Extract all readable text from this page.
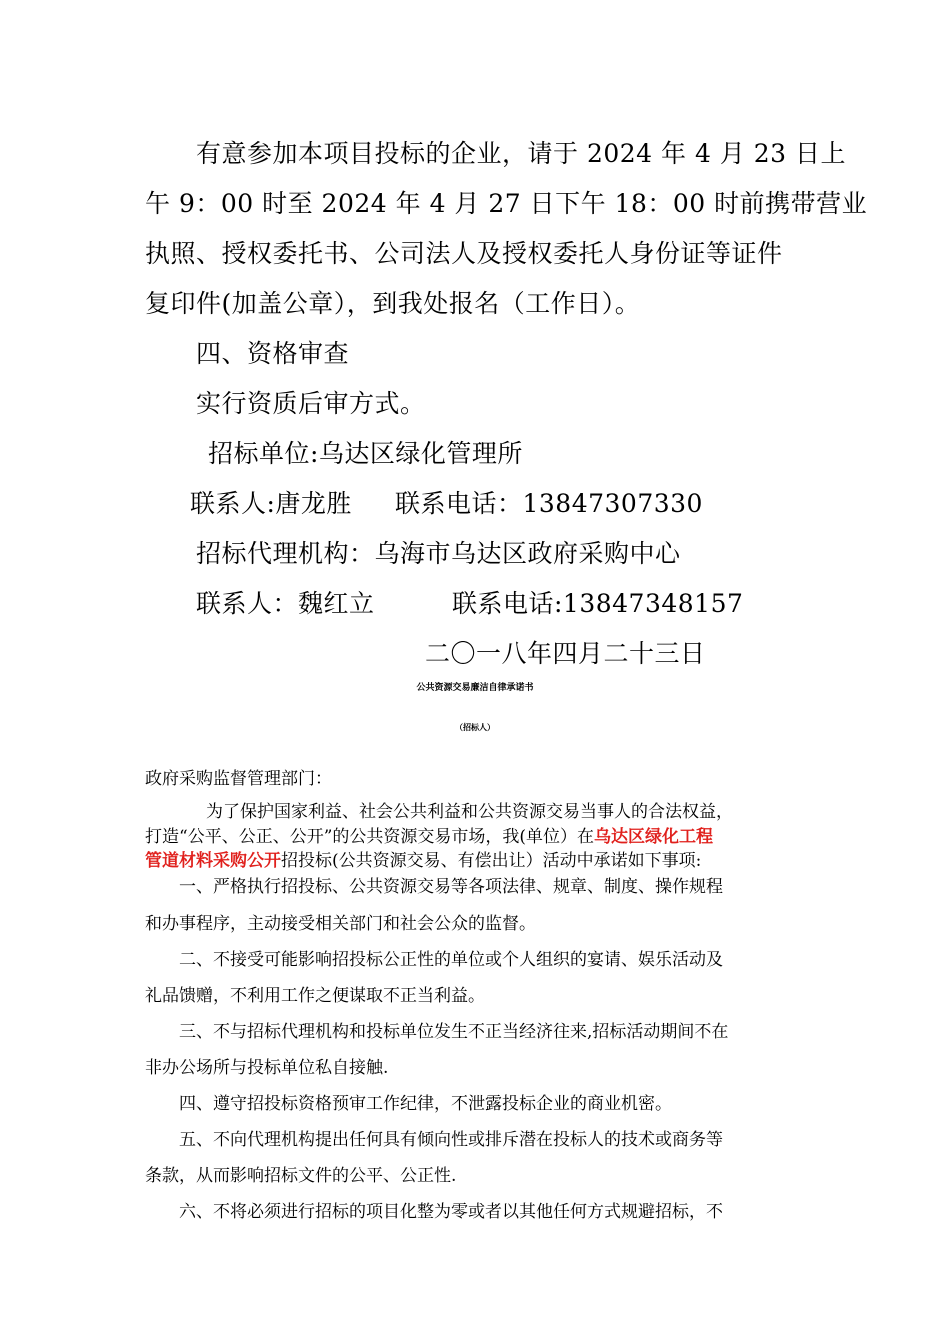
有意参加本项目投标的企业，请于 2024 年 4 月 23 日上
午 9：00 时至 2024 年 4 月 27 日下午 18：00 时前携带营业
执照、授权委托书、公司法人及授权委托人身份证等证件
复印件(加盖公章），到我处报名（工作日）。
四、资格审查
实行资质后审方式。
招标单位:乌达区绿化管理所
联系人:唐龙胜 联系电话：13847307330
招标代理机构：乌海市乌达区政府采购中心
联系人：魏红立	联系电话:13847348157
二〇一八年四月二十三日
公共资源交易廉洁自律承诺书
（招标人）
政府采购监督管理部门：
为了保护国家利益、社会公共利益和公共资源交易当事人的合法权益，
打造“公平、公正、公开”的公共资源交易市场，我(单位）在乌达区绿化工程
管道材料采购公开招投标(公共资源交易、有偿出让）活动中承诺如下事项:
一、严格执行招投标、公共资源交易等各项法律、规章、制度、操作规程
和办事程序，主动接受相关部门和社会公众的监督。
二、不接受可能影响招投标公正性的单位或个人组织的宴请、娱乐活动及
礼品馈赠，不利用工作之便谋取不正当利益。
三、不与招标代理机构和投标单位发生不正当经济往来,招标活动期间不在
非办公场所与投标单位私自接触.
四、遵守招投标资格预审工作纪律，不泄露投标企业的商业机密。
五、不向代理机构提出任何具有倾向性或排斥潜在投标人的技术或商务等
条款，从而影响招标文件的公平、公正性.
六、不将必须进行招标的项目化整为零或者以其他任何方式规避招标，不
